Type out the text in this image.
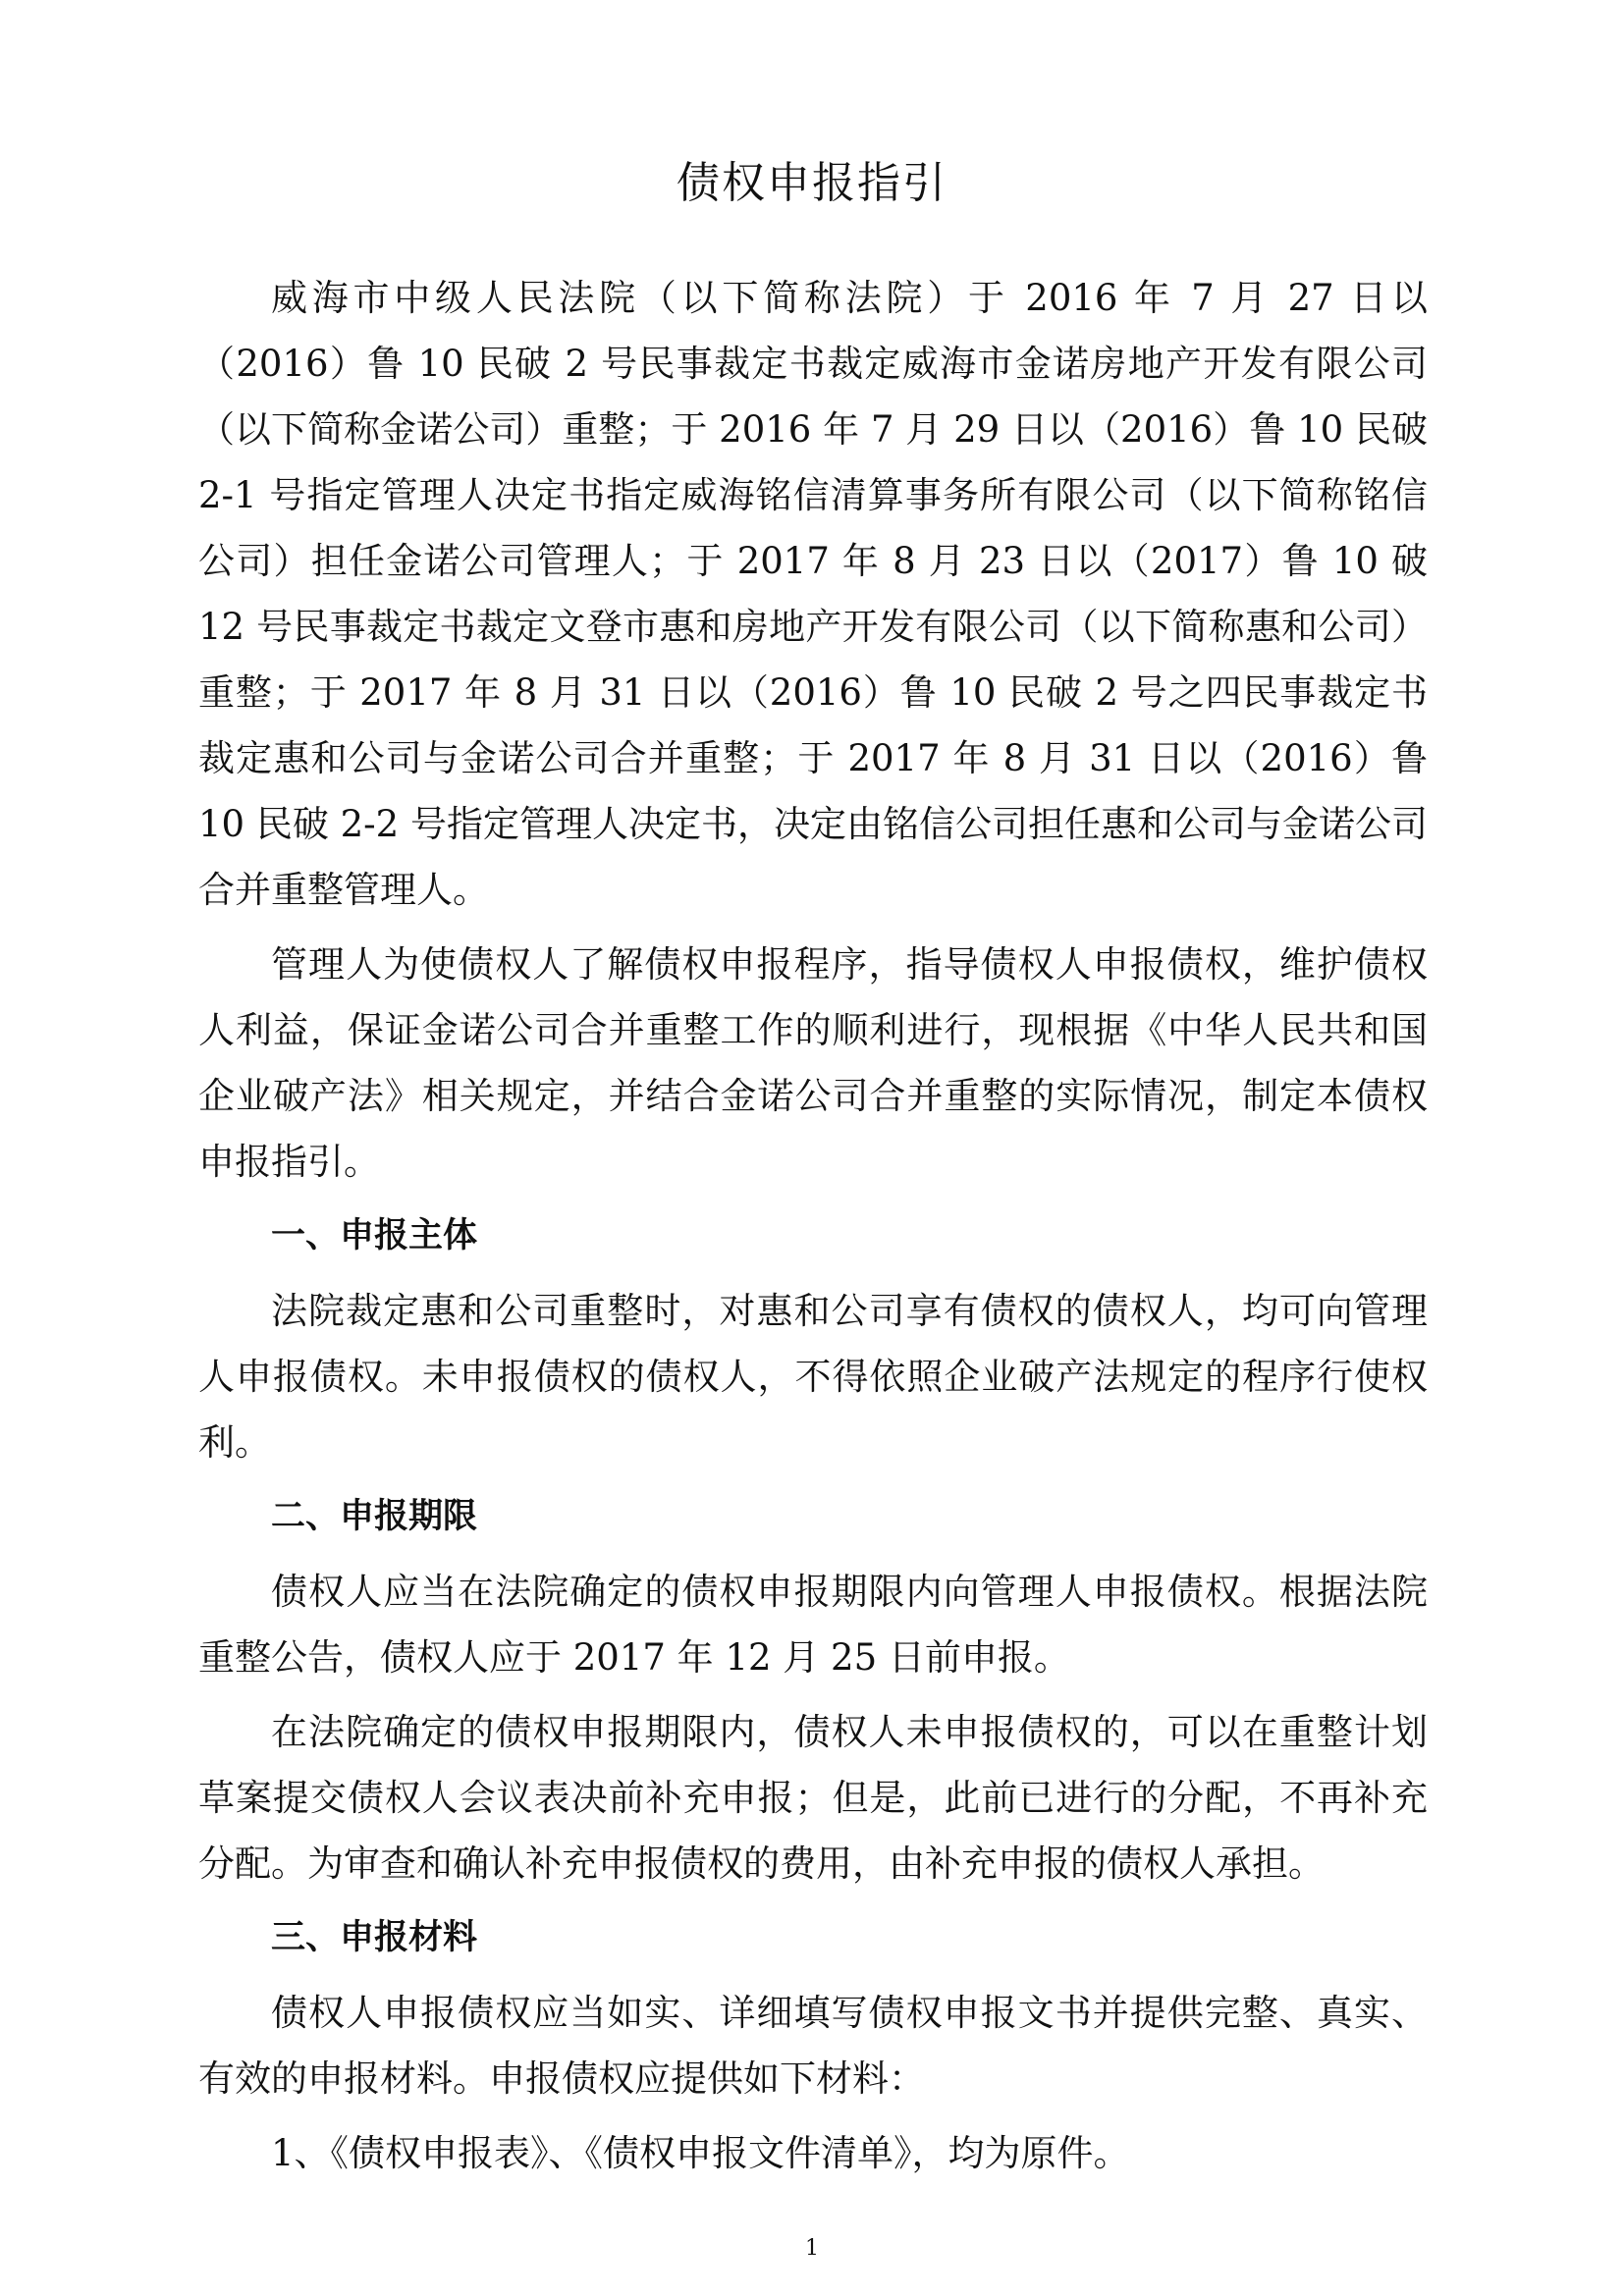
债权申报指引

威海市中级人民法院（以下简称法院）于 2016 年 7 月 27 日以（2016）鲁 10 民破 2 号民事裁定书裁定威海市金诺房地产开发有限公司（以下简称金诺公司）重整；于 2016 年 7 月 29 日以（2016）鲁 10 民破 2-1 号指定管理人决定书指定威海铭信清算事务所有限公司（以下简称铭信公司）担任金诺公司管理人；于 2017 年 8 月 23 日以（2017）鲁 10 破 12 号民事裁定书裁定文登市惠和房地产开发有限公司（以下简称惠和公司）重整；于 2017 年 8 月 31 日以（2016）鲁 10 民破 2 号之四民事裁定书裁定惠和公司与金诺公司合并重整；于 2017 年 8 月 31 日以（2016）鲁 10 民破 2-2 号指定管理人决定书，决定由铭信公司担任惠和公司与金诺公司合并重整管理人。

管理人为使债权人了解债权申报程序，指导债权人申报债权，维护债权人利益，保证金诺公司合并重整工作的顺利进行，现根据《中华人民共和国企业破产法》相关规定，并结合金诺公司合并重整的实际情况，制定本债权申报指引。

一、申报主体

法院裁定惠和公司重整时，对惠和公司享有债权的债权人，均可向管理人申报债权。未申报债权的债权人，不得依照企业破产法规定的程序行使权利。

二、申报期限

债权人应当在法院确定的债权申报期限内向管理人申报债权。根据法院重整公告，债权人应于 2017 年 12 月 25 日前申报。

在法院确定的债权申报期限内，债权人未申报债权的，可以在重整计划草案提交债权人会议表决前补充申报；但是，此前已进行的分配，不再补充分配。为审查和确认补充申报债权的费用，由补充申报的债权人承担。

三、申报材料

债权人申报债权应当如实、详细填写债权申报文书并提供完整、真实、有效的申报材料。申报债权应提供如下材料：

1、《债权申报表》、《债权申报文件清单》，均为原件。

1
